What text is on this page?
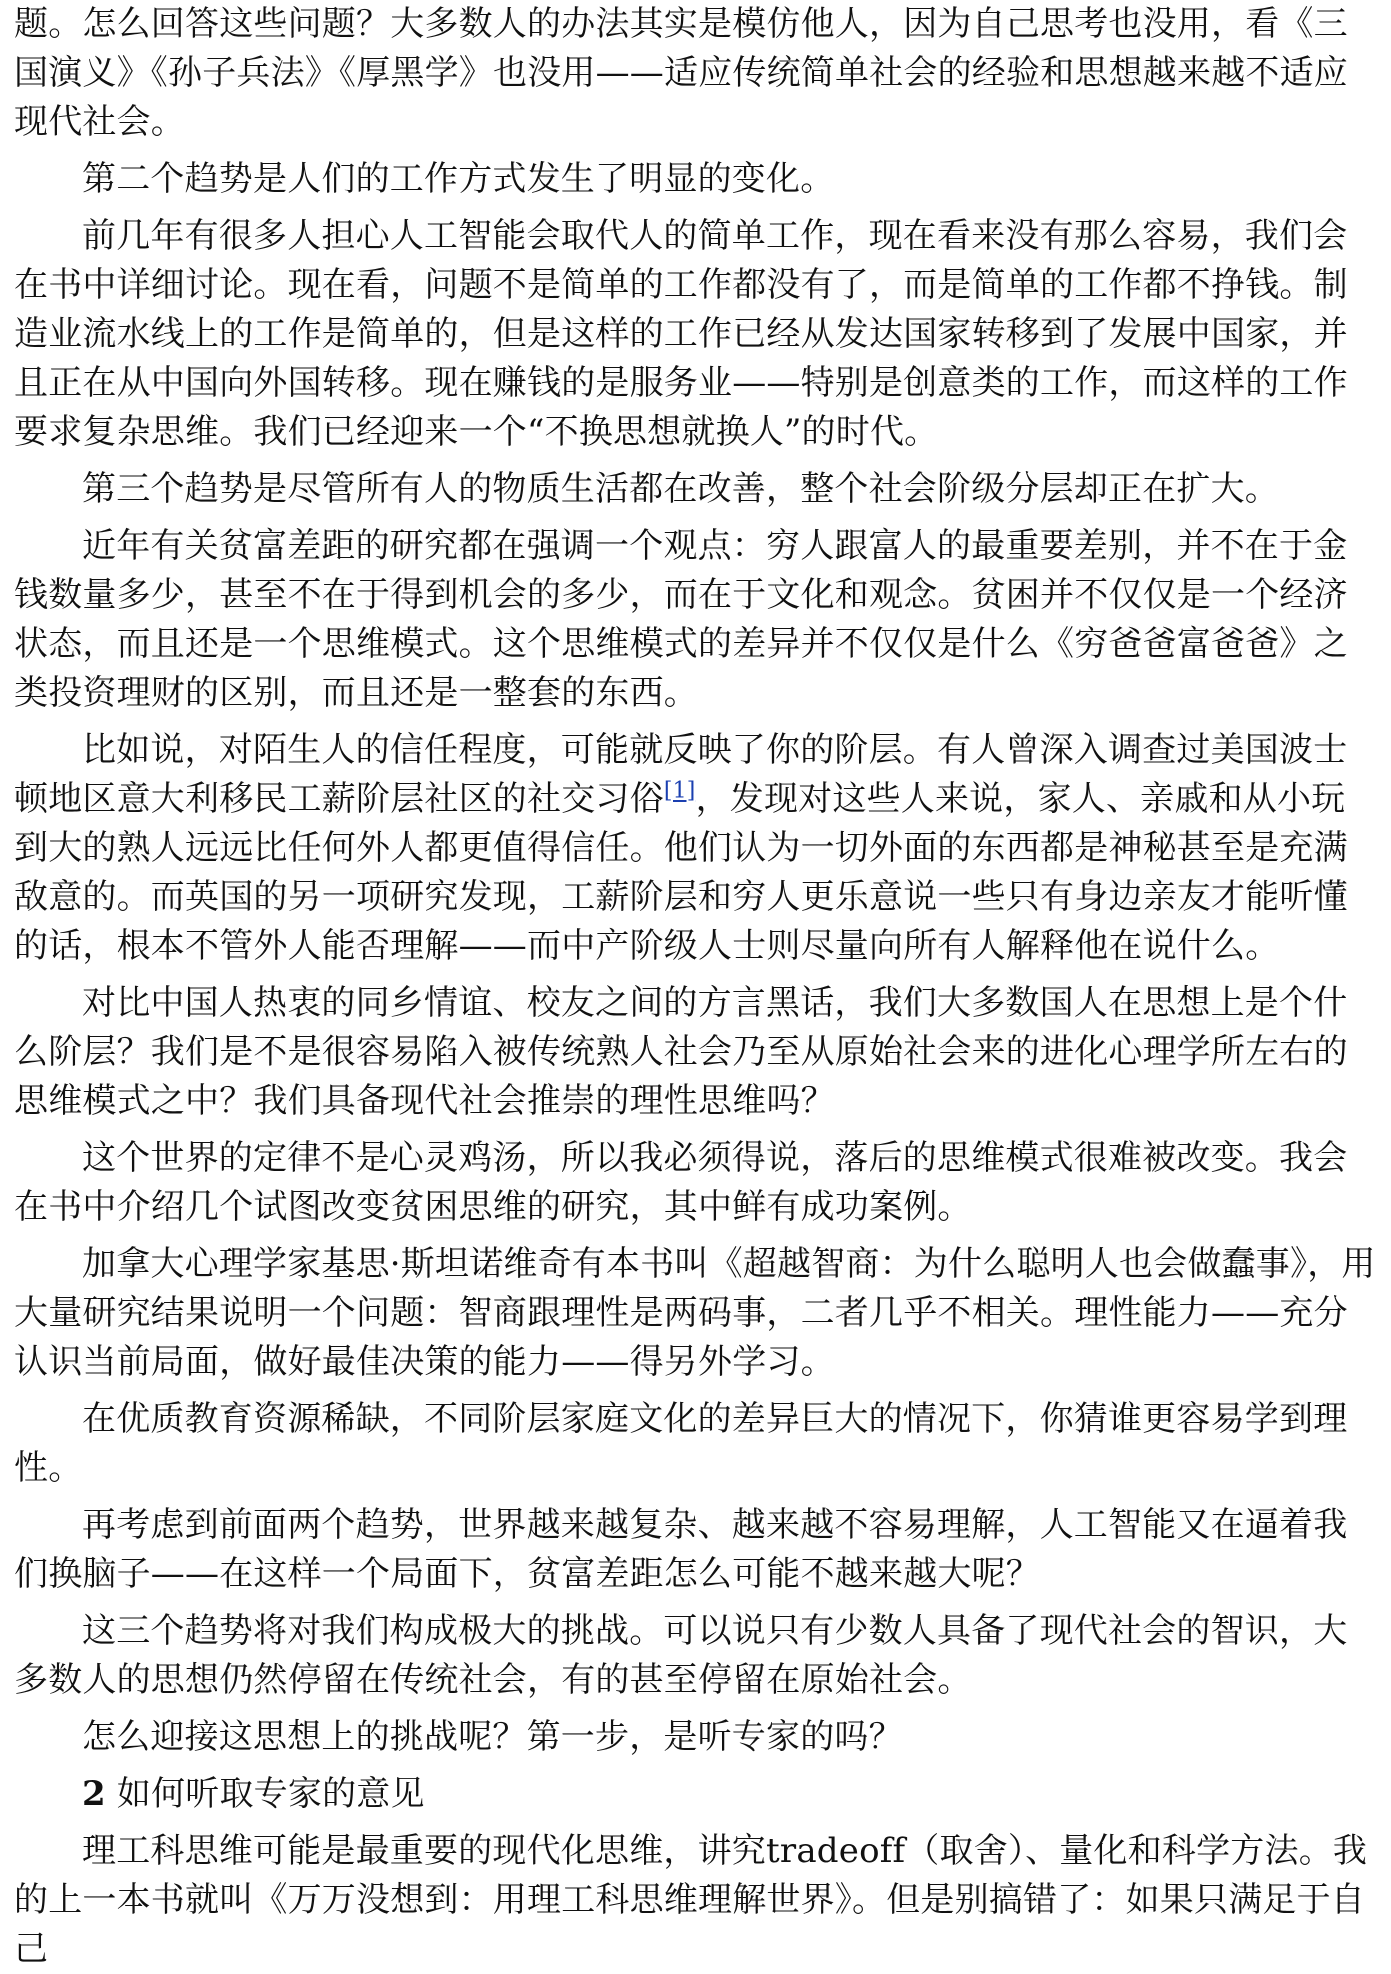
题。怎么回答这些问题？大多数人的办法其实是模仿他人，因为自己思考也没用，看《三国演义》《孙子兵法》《厚黑学》也没用——适应传统简单社会的经验和思想越来越不适应现代社会。

第二个趋势是人们的工作方式发生了明显的变化。

前几年有很多人担心人工智能会取代人的简单工作，现在看来没有那么容易，我们会在书中详细讨论。现在看，问题不是简单的工作都没有了，而是简单的工作都不挣钱。制造业流水线上的工作是简单的，但是这样的工作已经从发达国家转移到了发展中国家，并且正在从中国向外国转移。现在赚钱的是服务业——特别是创意类的工作，而这样的工作要求复杂思维。我们已经迎来一个“不换思想就换人”的时代。

第三个趋势是尽管所有人的物质生活都在改善，整个社会阶级分层却正在扩大。

近年有关贫富差距的研究都在强调一个观点：穷人跟富人的最重要差别，并不在于金钱数量多少，甚至不在于得到机会的多少，而在于文化和观念。贫困并不仅仅是一个经济状态，而且还是一个思维模式。这个思维模式的差异并不仅仅是什么《穷爸爸富爸爸》之类投资理财的区别，而且还是一整套的东西。

比如说，对陌生人的信任程度，可能就反映了你的阶层。有人曾深入调查过美国波士顿地区意大利移民工薪阶层社区的社交习俗[1]，发现对这些人来说，家人、亲戚和从小玩到大的熟人远远比任何外人都更值得信任。他们认为一切外面的东西都是神秘甚至是充满敌意的。而英国的另一项研究发现，工薪阶层和穷人更乐意说一些只有身边亲友才能听懂的话，根本不管外人能否理解——而中产阶级人士则尽量向所有人解释他在说什么。

对比中国人热衷的同乡情谊、校友之间的方言黑话，我们大多数国人在思想上是个什么阶层？我们是不是很容易陷入被传统熟人社会乃至从原始社会来的进化心理学所左右的思维模式之中？我们具备现代社会推崇的理性思维吗？

这个世界的定律不是心灵鸡汤，所以我必须得说，落后的思维模式很难被改变。我会在书中介绍几个试图改变贫困思维的研究，其中鲜有成功案例。

加拿大心理学家基思·斯坦诺维奇有本书叫《超越智商：为什么聪明人也会做蠢事》，用大量研究结果说明一个问题：智商跟理性是两码事，二者几乎不相关。理性能力——充分认识当前局面，做好最佳决策的能力——得另外学习。

在优质教育资源稀缺，不同阶层家庭文化的差异巨大的情况下，你猜谁更容易学到理性。

再考虑到前面两个趋势，世界越来越复杂、越来越不容易理解，人工智能又在逼着我们换脑子——在这样一个局面下，贫富差距怎么可能不越来越大呢？

这三个趋势将对我们构成极大的挑战。可以说只有少数人具备了现代社会的智识，大多数人的思想仍然停留在传统社会，有的甚至停留在原始社会。

怎么迎接这思想上的挑战呢？第一步，是听专家的吗？

2 如何听取专家的意见

理工科思维可能是最重要的现代化思维，讲究tradeoff（取舍）、量化和科学方法。我的上一本书就叫《万万没想到：用理工科思维理解世界》。但是别搞错了：如果只满足于自己
